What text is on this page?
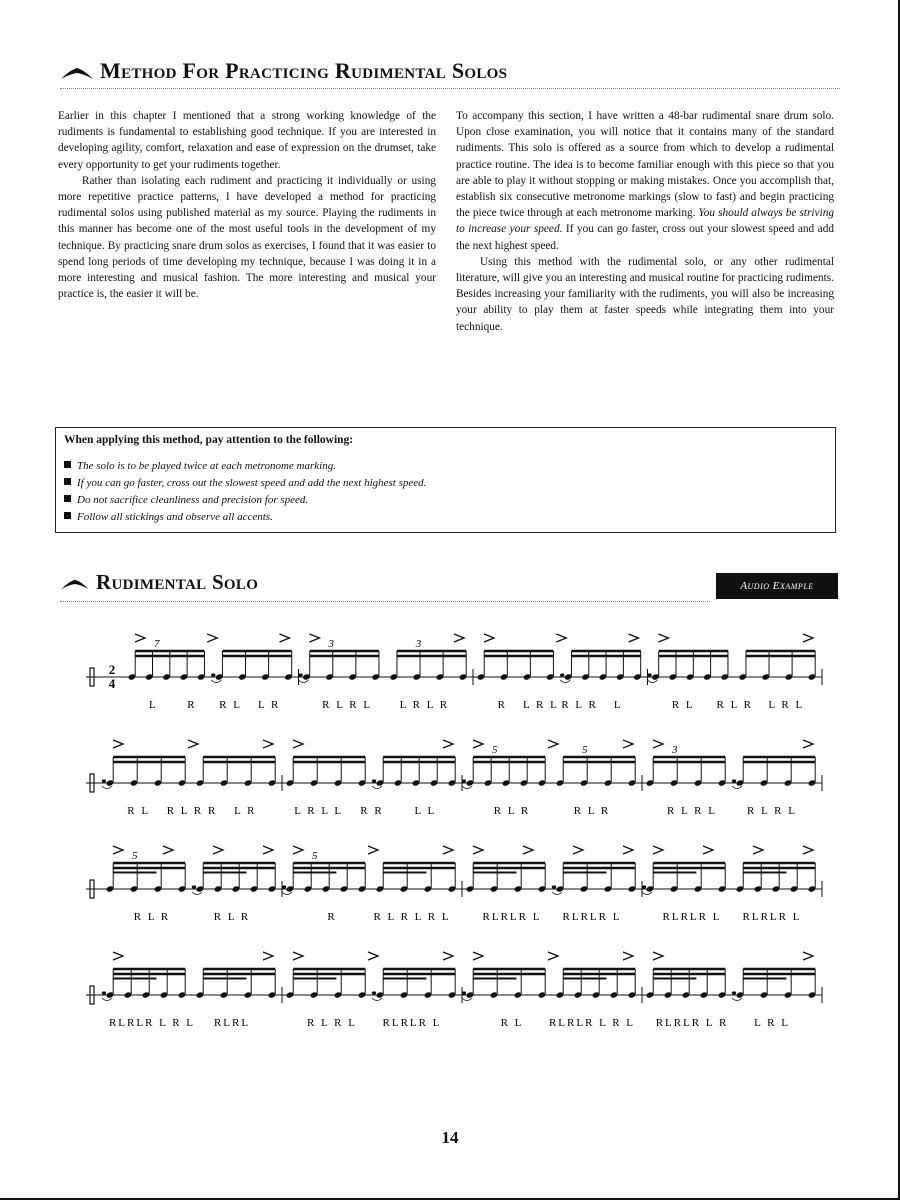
Method For Practicing Rudimental Solos

Earlier in this chapter I mentioned that a strong working knowledge of the rudiments is fundamental to establishing good technique. If you are interested in developing agility, comfort, relaxation and ease of expression on the drumset, take every opportunity to get your rudiments together.

Rather than isolating each rudiment and practicing it individually or using more repetitive practice patterns, I have developed a method for practicing rudimental solos using published material as my source. Playing the rudiments in this manner has become one of the most useful tools in the development of my technique. By practicing snare drum solos as exercises, I found that it was easier to spend long periods of time developing my technique, because I was doing it in a more interesting and musical fashion. The more interesting and musical your practice is, the easier it will be.

To accompany this section, I have written a 48-bar rudimental snare drum solo. Upon close examination, you will notice that it contains many of the standard rudiments. This solo is offered as a source from which to develop a rudimental practice routine. The idea is to become familiar enough with this piece so that you are able to play it without stopping or making mistakes. Once you accomplish that, establish six consecutive metronome markings (slow to fast) and begin practicing the piece twice through at each metronome marking. You should always be striving to increase your speed. If you can go faster, cross out your slowest speed and add the next highest speed.

Using this method with the rudimental solo, or any other rudimental literature, will give you an interesting and musical routine for practicing rudiments. Besides increasing your familiarity with the rudiments, you will also be increasing your ability to play them at faster speeds while integrating them into your technique.

When applying this method, pay attention to the following:
The solo is to be played twice at each metronome marking.
If you can go faster, cross out the slowest speed and add the next highest speed.
Do not sacrifice cleanliness and precision for speed.
Follow all stickings and observe all accents.
Rudimental Solo	Audio Example
2
4
7
L	R R L L R
3	3
R L R L L R L R	R L R L R L R L	R L R L R L R L
R L R L R R L R	L R L L R R	L L
5	5
R L R	R L R
3
R L R L	R L R L
5
R L R	R L R
5
R	R L R L R L	RLRLR L RLRLR L	RLRLR L RLRLR L
RLRLR L R L RLRL	R L R L RLRLR L	R L RLRLR L R L RLRLR L R L R L
14
